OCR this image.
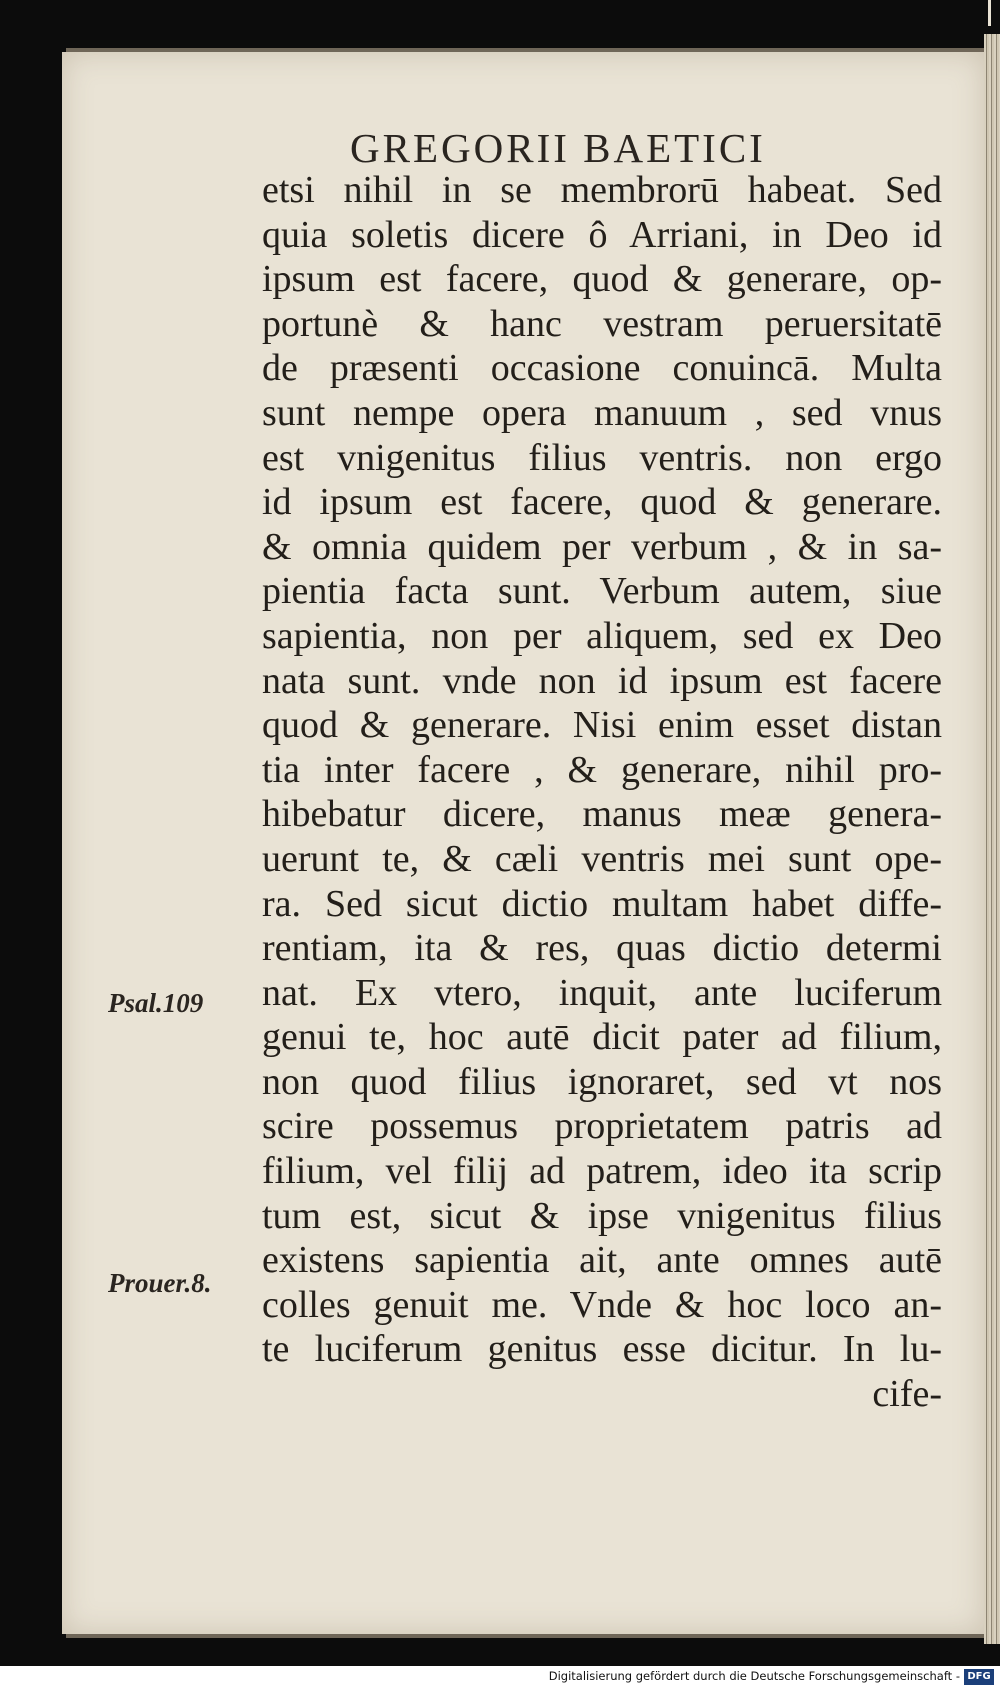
GREGORII BAETICI
etsi nihil in se membrorū habeat. Sed
quia soletis dicere ô Arriani, in Deo id
ipsum est facere, quod & generare, op-
portunè & hanc vestram peruersitatē
de præsenti occasione conuincā. Multa
sunt nempe opera manuum , sed vnus
est vnigenitus filius ventris. non ergo
id ipsum est facere, quod & generare.
& omnia quidem per verbum , & in sa-
pientia facta sunt. Verbum autem, siue
sapientia, non per aliquem, sed ex Deo
nata sunt. vnde non id ipsum est facere
quod & generare. Nisi enim esset distan
tia inter facere , & generare, nihil pro-
hibebatur dicere, manus meæ genera-
uerunt te, & cæli ventris mei sunt ope-
ra. Sed sicut dictio multam habet diffe-
rentiam, ita & res, quas dictio determi
nat. Ex vtero, inquit, ante luciferum
genui te, hoc autē dicit pater ad filium,
non quod filius ignoraret, sed vt nos
scire possemus proprietatem patris ad
filium, vel filij ad patrem, ideo ita scrip
tum est, sicut & ipse vnigenitus filius
existens sapientia ait, ante omnes autē
colles genuit me. Vnde & hoc loco an-
te luciferum genitus esse dicitur. In lu-
cife-
Psal.109
Prouer.8.
Digitalisierung gefördert durch die Deutsche Forschungsgemeinschaft - DFG
